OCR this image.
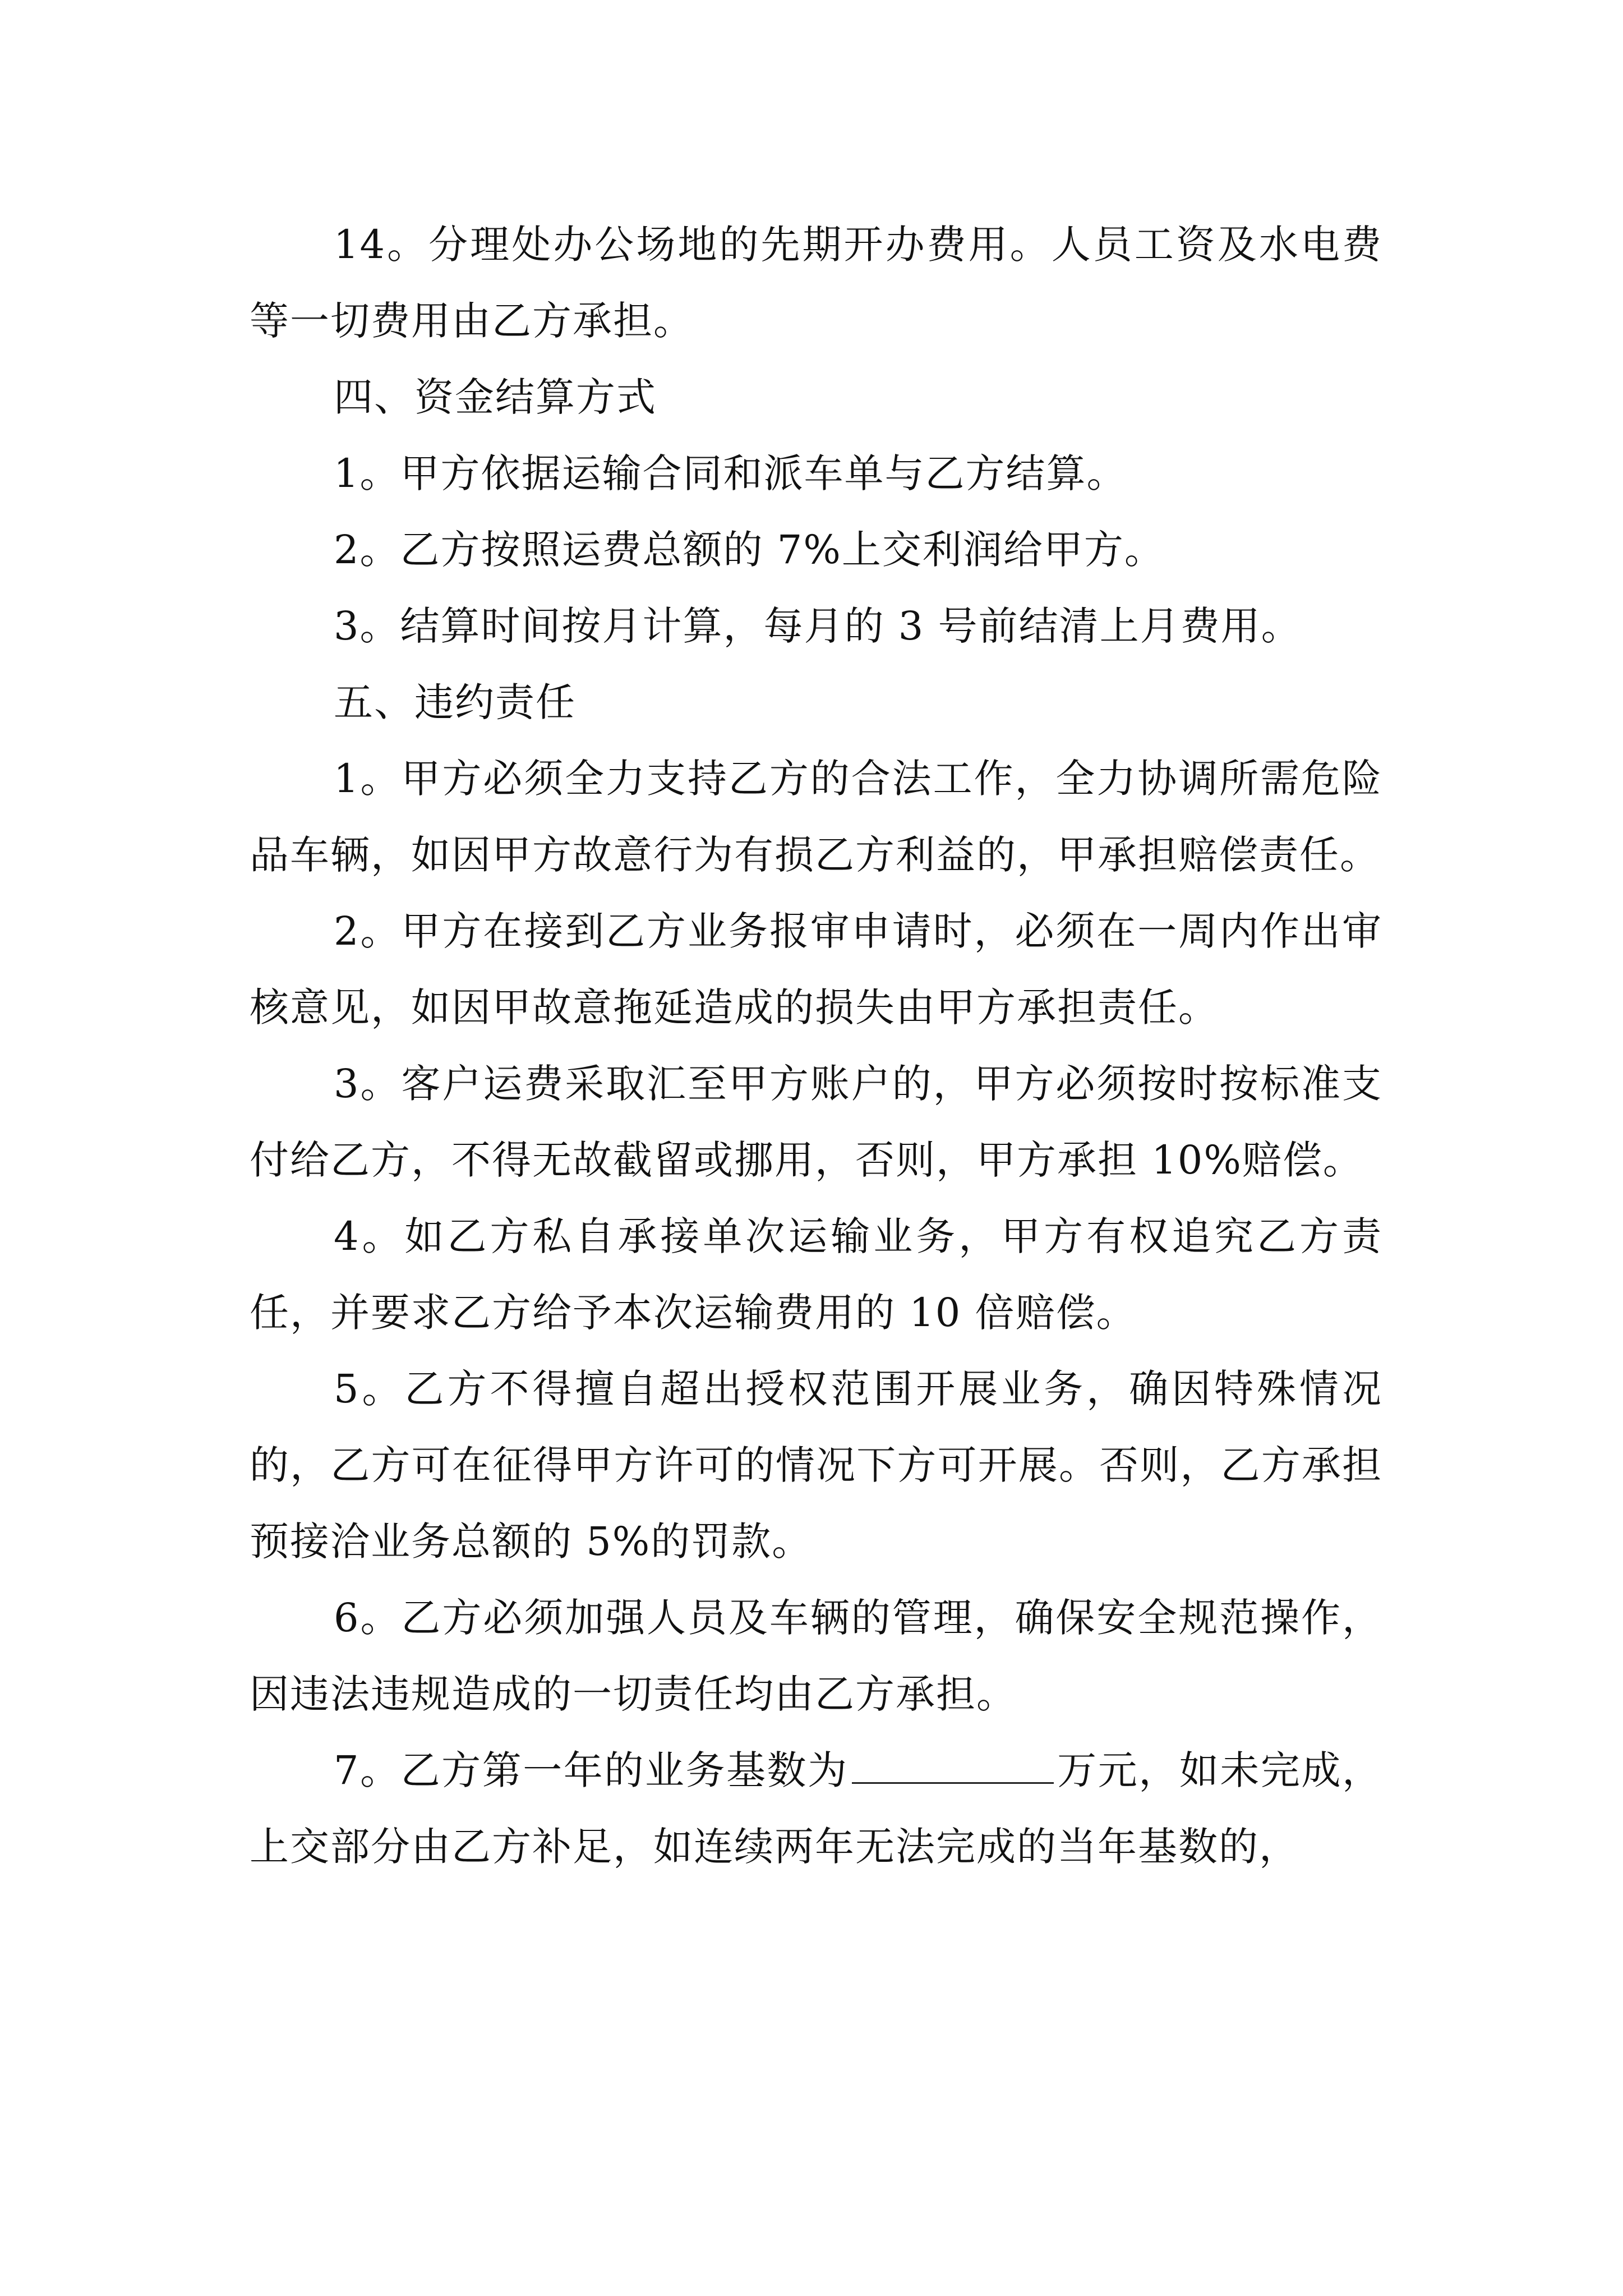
14。分理处办公场地的先期开办费用。人员工资及水电费等一切费用由乙方承担。

四、资金结算方式

1。甲方依据运输合同和派车单与乙方结算。

2。乙方按照运费总额的 7%上交利润给甲方。

3。结算时间按月计算，每月的 3 号前结清上月费用。

五、违约责任

1。甲方必须全力支持乙方的合法工作，全力协调所需危险品车辆，如因甲方故意行为有损乙方利益的，甲承担赔偿责任。

2。甲方在接到乙方业务报审申请时，必须在一周内作出审核意见，如因甲故意拖延造成的损失由甲方承担责任。

3。客户运费采取汇至甲方账户的，甲方必须按时按标准支付给乙方，不得无故截留或挪用，否则，甲方承担 10%赔偿。

4。如乙方私自承接单次运输业务，甲方有权追究乙方责任，并要求乙方给予本次运输费用的 10 倍赔偿。

5。乙方不得擅自超出授权范围开展业务，确因特殊情况的，乙方可在征得甲方许可的情况下方可开展。否则，乙方承担预接洽业务总额的 5%的罚款。

6。乙方必须加强人员及车辆的管理，确保安全规范操作，因违法违规造成的一切责任均由乙方承担。

7。乙方第一年的业务基数为	万元，如未完成，上交部分由乙方补足，如连续两年无法完成的当年基数的，
